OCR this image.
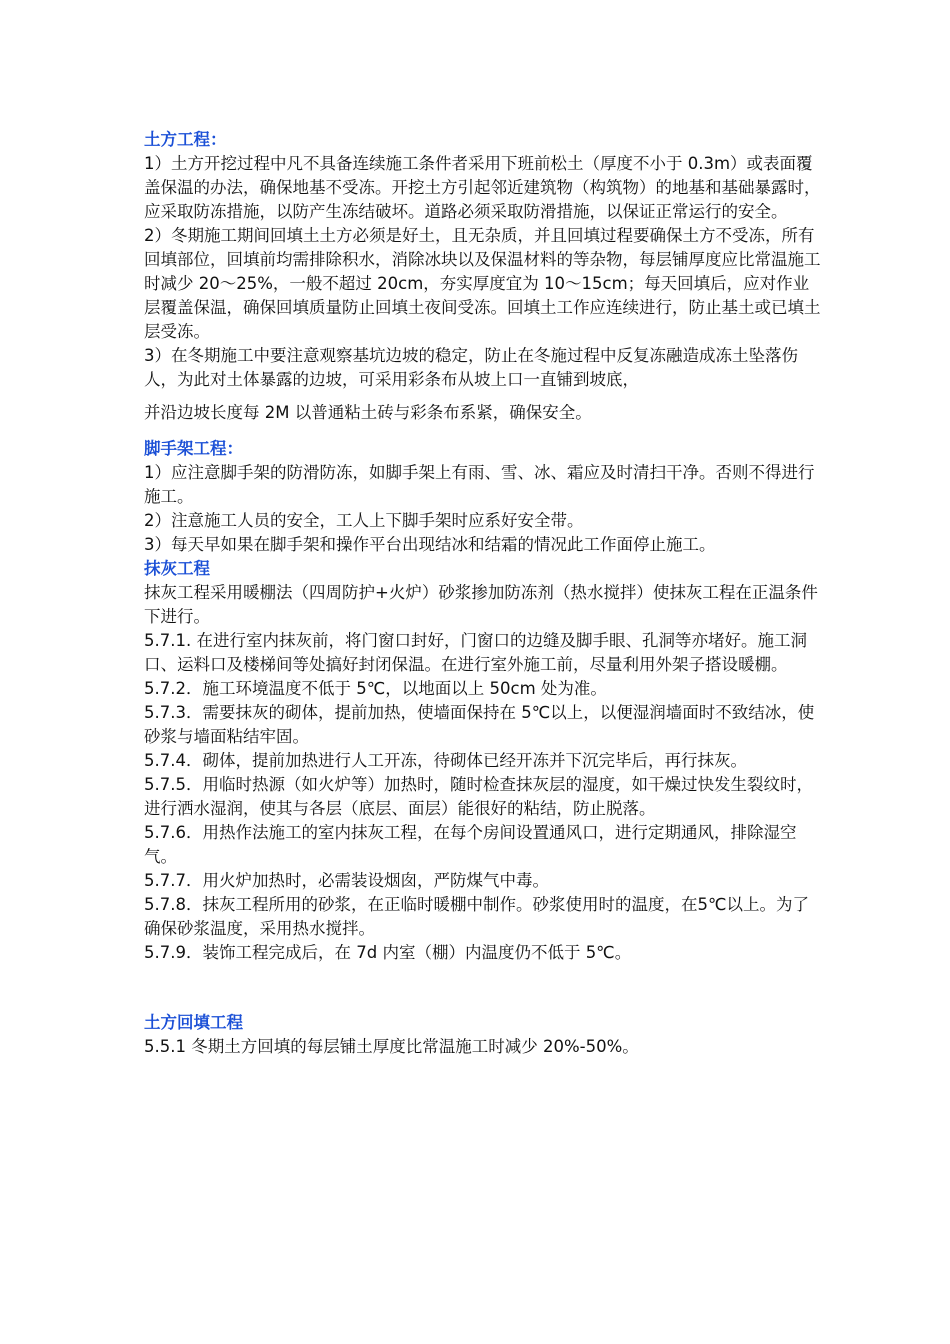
土方工程：

1）土方开挖过程中凡不具备连续施工条件者采用下班前松土（厚度不小于 0.3m）或表面覆盖保温的办法，确保地基不受冻。开挖土方引起邻近建筑物（构筑物）的地基和基础暴露时，应采取防冻措施，以防产生冻结破坏。道路必须采取防滑措施，以保证正常运行的安全。

2）冬期施工期间回填土土方必须是好土，且无杂质，并且回填过程要确保土方不受冻，所有回填部位，回填前均需排除积水，消除冰块以及保温材料的等杂物，每层铺厚度应比常温施工时减少 20～25%，一般不超过 20cm，夯实厚度宜为 10～15cm；每天回填后，应对作业层覆盖保温，确保回填质量防止回填土夜间受冻。回填土工作应连续进行，防止基土或已填土层受冻。

3）在冬期施工中要注意观察基坑边坡的稳定，防止在冬施过程中反复冻融造成冻土坠落伤人，为此对土体暴露的边坡，可采用彩条布从坡上口一直铺到坡底，

并沿边坡长度每 2M 以普通粘土砖与彩条布系紧，确保安全。

脚手架工程：

1）应注意脚手架的防滑防冻，如脚手架上有雨、雪、冰、霜应及时清扫干净。否则不得进行施工。

2）注意施工人员的安全，工人上下脚手架时应系好安全带。

3）每天早如果在脚手架和操作平台出现结冰和结霜的情况此工作面停止施工。

抹灰工程

抹灰工程采用暖棚法（四周防护+火炉）砂浆掺加防冻剂（热水搅拌）使抹灰工程在正温条件下进行。

5.7.1. 在进行室内抹灰前，将门窗口封好，门窗口的边缝及脚手眼、孔洞等亦堵好。施工洞口、运料口及楼梯间等处搞好封闭保温。在进行室外施工前，尽量利用外架子搭设暖棚。

5.7.2．施工环境温度不低于 5℃，以地面以上 50cm 处为准。

5.7.3．需要抹灰的砌体，提前加热，使墙面保持在 5℃以上，以便湿润墙面时不致结冰，使砂浆与墙面粘结牢固。

5.7.4．砌体，提前加热进行人工开冻，待砌体已经开冻并下沉完毕后，再行抹灰。

5.7.5．用临时热源（如火炉等）加热时，随时检查抹灰层的湿度，如干燥过快发生裂纹时，进行洒水湿润，使其与各层（底层、面层）能很好的粘结，防止脱落。

5.7.6．用热作法施工的室内抹灰工程，在每个房间设置通风口，进行定期通风，排除湿空气。

5.7.7．用火炉加热时，必需装设烟囱，严防煤气中毒。

5.7.8．抹灰工程所用的砂浆，在正临时暖棚中制作。砂浆使用时的温度，在5℃以上。为了确保砂浆温度，采用热水搅拌。

5.7.9．装饰工程完成后，在 7d 内室（棚）内温度仍不低于 5℃。

土方回填工程

5.5.1 冬期土方回填的每层铺土厚度比常温施工时减少 20%-50%。
